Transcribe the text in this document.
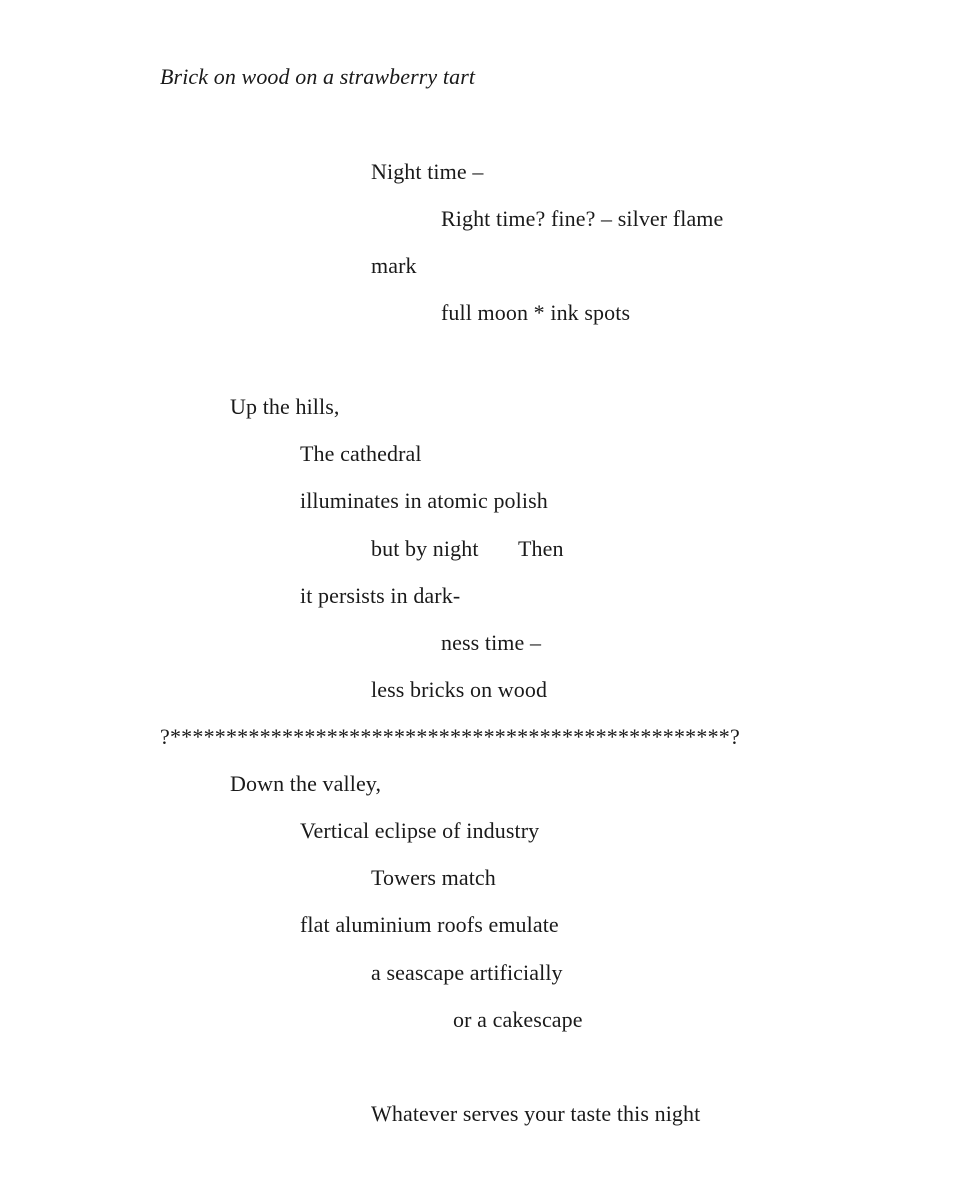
Brick on wood on a strawberry tart
Night time –
Right time? fine? – silver flame
mark
full moon * ink spots
Up the hills,
The cathedral
illuminates in atomic polish
but by night Then
it persists in dark-
ness time –
less bricks on wood
?**************************************************?
Down the valley,
Vertical eclipse of industry
Towers match
flat aluminium roofs emulate
a seascape artificially
or a cakescape
Whatever serves your taste this night
